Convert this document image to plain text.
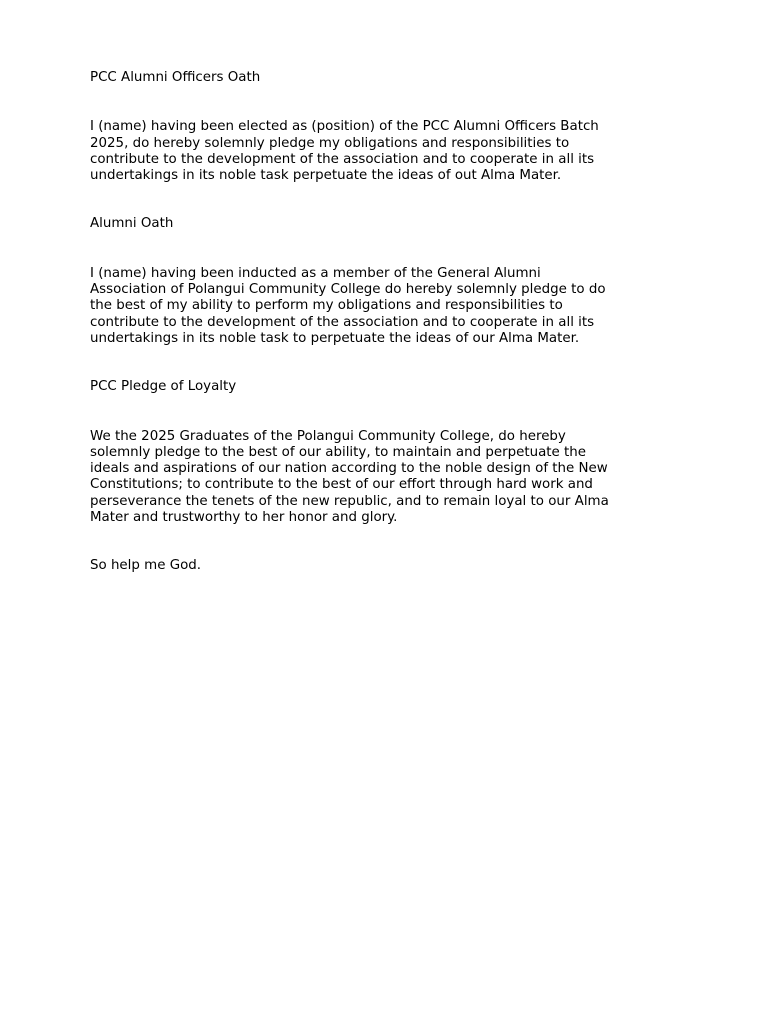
PCC Alumni Officers Oath

I (name) having been elected as (position) of the PCC Alumni Officers Batch
2025, do hereby solemnly pledge my obligations and responsibilities to
contribute to the development of the association and to cooperate in all its
undertakings in its noble task perpetuate the ideas of out Alma Mater.

Alumni Oath

I (name) having been inducted as a member of the General Alumni
Association of Polangui Community College do hereby solemnly pledge to do
the best of my ability to perform my obligations and responsibilities to
contribute to the development of the association and to cooperate in all its
undertakings in its noble task to perpetuate the ideas of our Alma Mater.

PCC Pledge of Loyalty

We the 2025 Graduates of the Polangui Community College, do hereby
solemnly pledge to the best of our ability, to maintain and perpetuate the
ideals and aspirations of our nation according to the noble design of the New
Constitutions; to contribute to the best of our effort through hard work and
perseverance the tenets of the new republic, and to remain loyal to our Alma
Mater and trustworthy to her honor and glory.

So help me God.
